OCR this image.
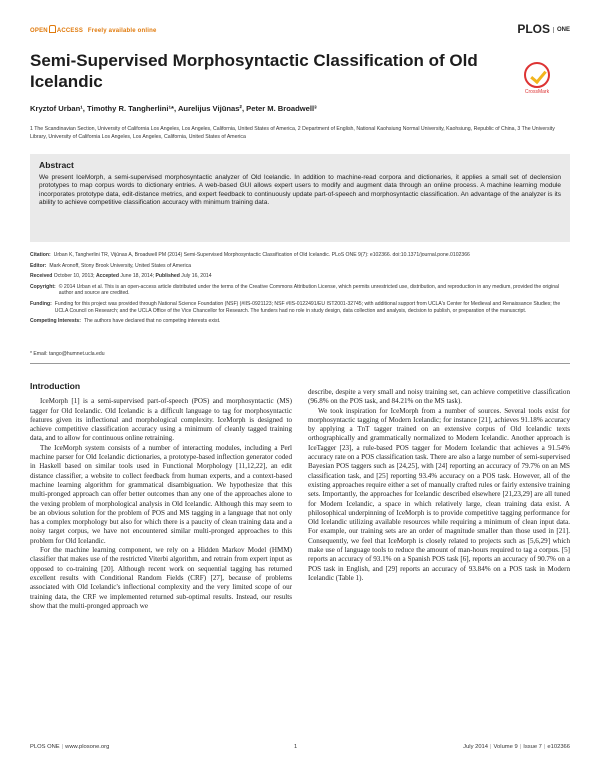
OPEN ACCESS Freely available online	PLOS ONE
Semi-Supervised Morphosyntactic Classification of Old Icelandic
CrossMark
Kryztof Urban¹, Timothy R. Tangherlini¹*, Aurelijus Vijūnas², Peter M. Broadwell³
1 The Scandinavian Section, University of California Los Angeles, Los Angeles, California, United States of America, 2 Department of English, National Kaohsiung Normal University, Kaohsiung, Republic of China, 3 The University Library, University of California Los Angeles, Los Angeles, California, United States of America
Abstract

We present IceMorph, a semi-supervised morphosyntactic analyzer of Old Icelandic. In addition to machine-read corpora and dictionaries, it applies a small set of declension prototypes to map corpus words to dictionary entries. A web-based GUI allows expert users to modify and augment data through an online process. A machine learning module incorporates prototype data, edit-distance metrics, and expert feedback to continuously update part-of-speech and morphosyntactic classification. An advantage of the analyzer is its ability to achieve competitive classification accuracy with minimum training data.

Citation: Urban K, Tangherlini TR, Vijūnas A, Broadwell PM (2014) Semi-Supervised Morphosyntactic Classification of Old Icelandic. PLoS ONE 9(7): e102366. doi:10.1371/journal.pone.0102366
Editor: Mark Aronoff, Stony Brook University, United States of America
Received October 10, 2013; Accepted June 18, 2014; Published July 16, 2014
Copyright: © 2014 Urban et al. This is an open-access article distributed under the terms of the Creative Commons Attribution License, which permits unrestricted use, distribution, and reproduction in any medium, provided the original author and source are credited.
Funding: Funding for this project was provided through National Science Foundation (NSF) (#IIS-0921123; NSF #IIS-0122491/EU IST2001-32745; with additional support from UCLA's Center for Medieval and Renaissance Studies; the UCLA Council on Research; and the UCLA Office of the Vice Chancellor for Research. The funders had no role in study design, data collection and analysis, decision to publish, or preparation of the manuscript.
Competing Interests: The authors have declared that no competing interests exist.
* Email: tango@humnet.ucla.edu
Introduction

IceMorph [1] is a semi-supervised part-of-speech (POS) and morphosyntactic (MS) tagger for Old Icelandic. Old Icelandic is a difficult language to tag for morphosyntactic features given its inflectional and morphological complexity. IceMorph is designed to achieve competitive classification accuracy using a minimum of cleanly tagged training data, and to allow for continuous online retraining.

The IceMorph system consists of a number of interacting modules, including a Perl machine parser for Old Icelandic dictionaries, a prototype-based inflection generator coded in Haskell based on similar tools used in Functional Morphology [11,12,22], an edit distance classifier, a website to collect feedback from human experts, and a context-based machine learning algorithm for grammatical disambiguation. We hypothesize that this multi-pronged approach can offer better outcomes than any one of the approaches alone to the vexing problem of morphological analysis in Old Icelandic. Although this may seem to be an obvious solution for the problem of POS and MS tagging in a language that not only has a complex morphology but also for which there is a paucity of clean training data and a noisy target corpus, we have not encountered similar multi-pronged approaches to this problem for Old Icelandic.

For the machine learning component, we rely on a Hidden Markov Model (HMM) classifier that makes use of the restricted Viterbi algorithm, and retrain from expert input as opposed to co-training [20]. Although recent work on sequential tagging has returned excellent results with Conditional Random Fields (CRF) [27], because of problems associated with Old Icelandic's inflectional complexity and the very limited scope of our training data, the CRF we implemented returned sub-optimal results. Instead, our results show that the multi-pronged approach we

describe, despite a very small and noisy training set, can achieve competitive classification (96.8% on the POS task, and 84.21% on the MS task).

We took inspiration for IceMorph from a number of sources. Several tools exist for morphosyntactic tagging of Modern Icelandic; for instance [21], achieves 91.18% accuracy by applying a TnT tagger trained on an extensive corpus of Old Icelandic texts orthographically and grammatically normalized to Modern Icelandic. Another approach is IceTagger [23], a rule-based POS tagger for Modern Icelandic that achieves a 91.54% accuracy rate on a POS classification task. There are also a large number of semi-supervised Bayesian POS taggers such as [24,25], with [24] reporting an accuracy of 79.7% on an MS classification task, and [25] reporting 93.4% accuracy on a POS task. However, all of the existing approaches require either a set of manually crafted rules or fairly extensive training sets. Importantly, the approaches for Icelandic described elsewhere [21,23,29] are all tuned for Modern Icelandic, a space in which relatively large, clean training data exist. A philosophical underpinning of IceMorph is to provide competitive tagging performance for Old Icelandic utilizing available resources while requiring a minimum of clean input data. For example, our training sets are an order of magnitude smaller than those used in [21]. Consequently, we feel that IceMorph is closely related to projects such as [5,6,29] which make use of language tools to reduce the amount of man-hours required to tag a corpus. [5] reports an accuracy of 93.1% on a Spanish POS task [6], reports an accuracy of 90.7% on a POS task in English, and [29] reports an accuracy of 93.84% on a POS task in Modern Icelandic (Table 1).

PLOS ONE | www.plosone.org	1	July 2014 | Volume 9 | Issue 7 | e102366
